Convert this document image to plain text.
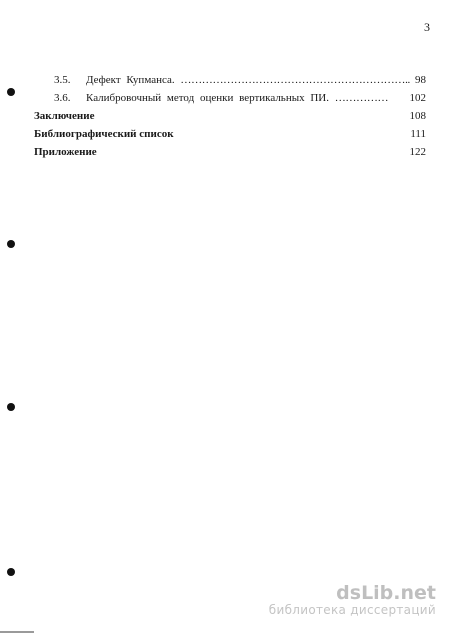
3
3.5.	Дефект Купманса. ……………………………………………………….. 98
3.6.	Калибровочный метод оценки вертикальных ПИ. …………… 102
Заключение	108
Библиографический список	111
Приложение	122
dsLib.net
библиотека диссертаций
